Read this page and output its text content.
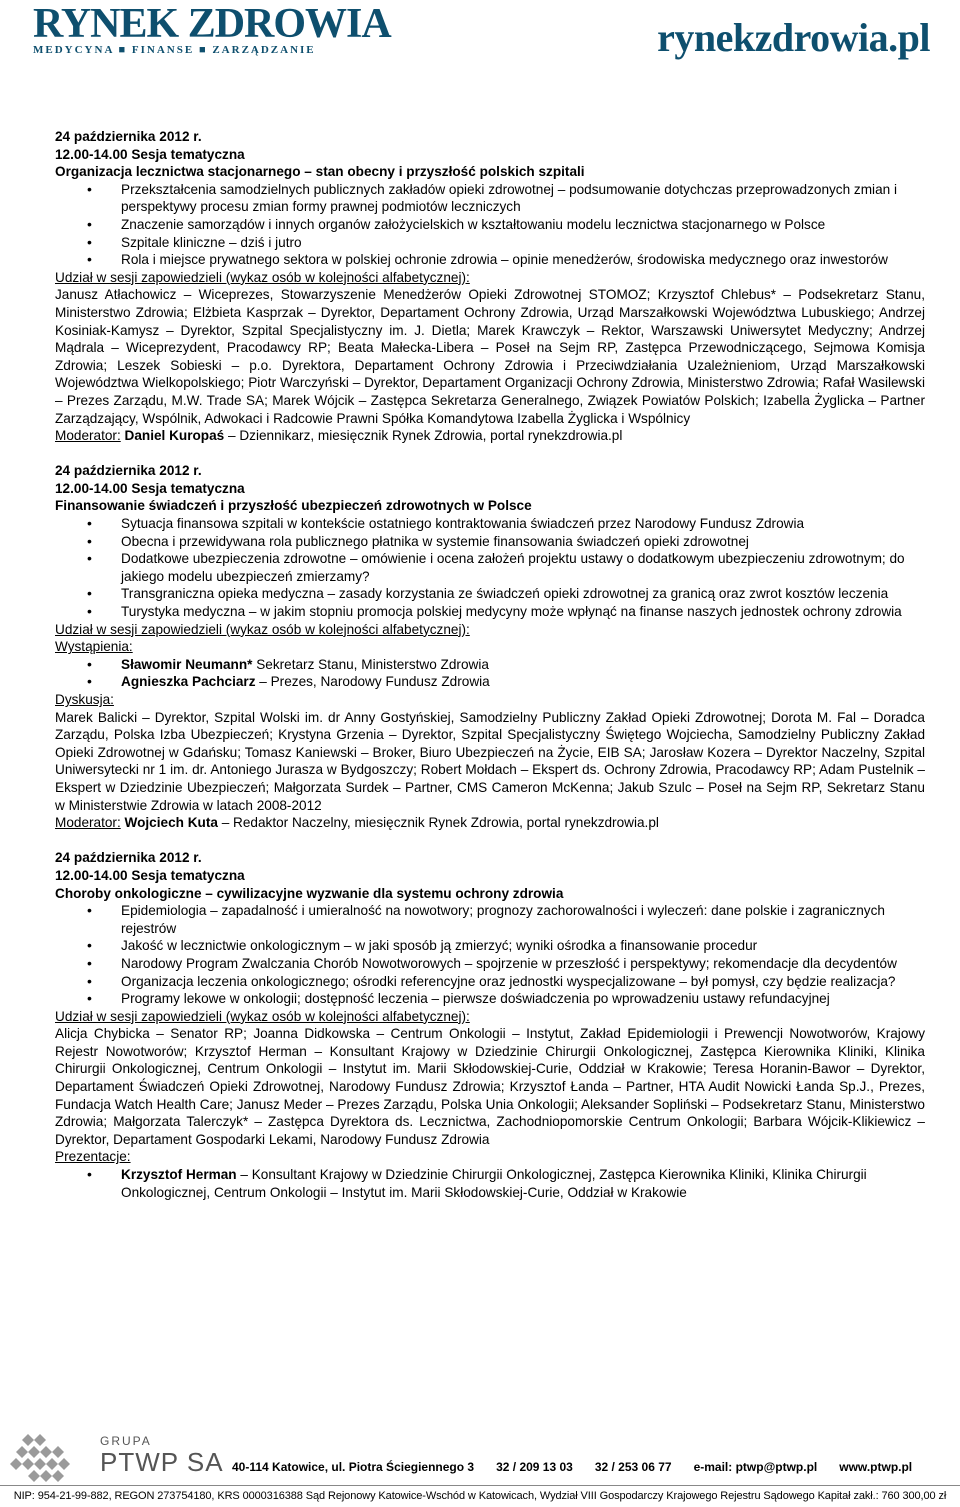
RYNEK ZDROWIA
MEDYCYNA ■ FINANSE ■ ZARZĄDZANIE	rynekzdrowia.pl
24 października 2012 r.
12.00-14.00 Sesja tematyczna
Organizacja lecznictwa stacjonarnego – stan obecny i przyszłość polskich szpitali
• Przekształcenia samodzielnych publicznych zakładów opieki zdrowotnej – podsumowanie dotychczas przeprowadzonych zmian i perspektywy procesu zmian formy prawnej podmiotów leczniczych
• Znaczenie samorządów i innych organów założycielskich w kształtowaniu modelu lecznictwa stacjonarnego w Polsce
• Szpitale kliniczne – dziś i jutro
• Rola i miejsce prywatnego sektora w polskiej ochronie zdrowia – opinie menedżerów, środowiska medycznego oraz inwestorów
Udział w sesji zapowiedzieli (wykaz osób w kolejności alfabetycznej):

Janusz Atłachowicz – Wiceprezes, Stowarzyszenie Menedżerów Opieki Zdrowotnej STOMOZ; Krzysztof Chlebus* – Podsekretarz Stanu, Ministerstwo Zdrowia; Elżbieta Kasprzak – Dyrektor, Departament Ochrony Zdrowia, Urząd Marszałkowski Województwa Lubuskiego; Andrzej Kosiniak-Kamysz – Dyrektor, Szpital Specjalistyczny im. J. Dietla; Marek Krawczyk – Rektor, Warszawski Uniwersytet Medyczny; Andrzej Mądrala – Wiceprezydent, Pracodawcy RP; Beata Małecka-Libera – Poseł na Sejm RP, Zastępca Przewodniczącego, Sejmowa Komisja Zdrowia; Leszek Sobieski – p.o. Dyrektora, Departament Ochrony Zdrowia i Przeciwdziałania Uzależnieniom, Urząd Marszałkowski Województwa Wielkopolskiego; Piotr Warczyński – Dyrektor, Departament Organizacji Ochrony Zdrowia, Ministerstwo Zdrowia; Rafał Wasilewski – Prezes Zarządu, M.W. Trade SA; Marek Wójcik – Zastępca Sekretarza Generalnego, Związek Powiatów Polskich; Izabella Żyglicka – Partner Zarządzający, Wspólnik, Adwokaci i Radcowie Prawni Spółka Komandytowa Izabella Żyglicka i Wspólnicy

Moderator: Daniel Kuropaś – Dziennikarz, miesięcznik Rynek Zdrowia, portal rynekzdrowia.pl
24 października 2012 r.
12.00-14.00 Sesja tematyczna
Finansowanie świadczeń i przyszłość ubezpieczeń zdrowotnych w Polsce
• Sytuacja finansowa szpitali w kontekście ostatniego kontraktowania świadczeń przez Narodowy Fundusz Zdrowia
• Obecna i przewidywana rola publicznego płatnika w systemie finansowania świadczeń opieki zdrowotnej
• Dodatkowe ubezpieczenia zdrowotne – omówienie i ocena założeń projektu ustawy o dodatkowym ubezpieczeniu zdrowotnym; do jakiego modelu ubezpieczeń zmierzamy?
• Transgraniczna opieka medyczna – zasady korzystania ze świadczeń opieki zdrowotnej za granicą oraz zwrot kosztów leczenia
• Turystyka medyczna – w jakim stopniu promocja polskiej medycyny może wpłynąć na finanse naszych jednostek ochrony zdrowia
Udział w sesji zapowiedzieli (wykaz osób w kolejności alfabetycznej):
Wystąpienia:
• Sławomir Neumann* Sekretarz Stanu, Ministerstwo Zdrowia
• Agnieszka Pachciarz – Prezes, Narodowy Fundusz Zdrowia
Dyskusja:

Marek Balicki – Dyrektor, Szpital Wolski im. dr Anny Gostyńskiej, Samodzielny Publiczny Zakład Opieki Zdrowotnej; Dorota M. Fal – Doradca Zarządu, Polska Izba Ubezpieczeń; Krystyna Grzenia – Dyrektor, Szpital Specjalistyczny Świętego Wojciecha, Samodzielny Publiczny Zakład Opieki Zdrowotnej w Gdańsku; Tomasz Kaniewski – Broker, Biuro Ubezpieczeń na Życie, EIB SA; Jarosław Kozera – Dyrektor Naczelny, Szpital Uniwersytecki nr 1 im. dr. Antoniego Jurasza w Bydgoszczy; Robert Mołdach – Ekspert ds. Ochrony Zdrowia, Pracodawcy RP; Adam Pustelnik – Ekspert w Dziedzinie Ubezpieczeń; Małgorzata Surdek – Partner, CMS Cameron McKenna; Jakub Szulc – Poseł na Sejm RP, Sekretarz Stanu w Ministerstwie Zdrowia w latach 2008-2012

Moderator: Wojciech Kuta – Redaktor Naczelny, miesięcznik Rynek Zdrowia, portal rynekzdrowia.pl
24 października 2012 r.
12.00-14.00 Sesja tematyczna
Choroby onkologiczne – cywilizacyjne wyzwanie dla systemu ochrony zdrowia
• Epidemiologia – zapadalność i umieralność na nowotwory; prognozy zachorowalności i wyleczeń: dane polskie i zagranicznych rejestrów
• Jakość w lecznictwie onkologicznym – w jaki sposób ją zmierzyć; wyniki ośrodka a finansowanie procedur
• Narodowy Program Zwalczania Chorób Nowotworowych – spojrzenie w przeszłość i perspektywy; rekomendacje dla decydentów
• Organizacja leczenia onkologicznego; ośrodki referencyjne oraz jednostki wyspecjalizowane – był pomysł, czy będzie realizacja?
• Programy lekowe w onkologii; dostępność leczenia – pierwsze doświadczenia po wprowadzeniu ustawy refundacyjnej
Udział w sesji zapowiedzieli (wykaz osób w kolejności alfabetycznej):

Alicja Chybicka – Senator RP; Joanna Didkowska – Centrum Onkologii – Instytut, Zakład Epidemiologii i Prewencji Nowotworów, Krajowy Rejestr Nowotworów; Krzysztof Herman – Konsultant Krajowy w Dziedzinie Chirurgii Onkologicznej, Zastępca Kierownika Kliniki, Klinika Chirurgii Onkologicznej, Centrum Onkologii – Instytut im. Marii Skłodowskiej-Curie, Oddział w Krakowie; Teresa Horanin-Bawor – Dyrektor, Departament Świadczeń Opieki Zdrowotnej, Narodowy Fundusz Zdrowia; Krzysztof Łanda – Partner, HTA Audit Nowicki Łanda Sp.J., Prezes, Fundacja Watch Health Care; Janusz Meder – Prezes Zarządu, Polska Unia Onkologii; Aleksander Sopliński – Podsekretarz Stanu, Ministerstwo Zdrowia; Małgorzata Talerczyk* – Zastępca Dyrektora ds. Lecznictwa, Zachodniopomorskie Centrum Onkologii; Barbara Wójcik-Klikiewicz – Dyrektor, Departament Gospodarki Lekami, Narodowy Fundusz Zdrowia

Prezentacje:
• Krzysztof Herman – Konsultant Krajowy w Dziedzinie Chirurgii Onkologicznej, Zastępca Kierownika Kliniki, Klinika Chirurgii Onkologicznej, Centrum Onkologii – Instytut im. Marii Skłodowskiej-Curie, Oddział w Krakowie
GRUPA
PTWP SA 40-114 Katowice, ul. Piotra Ściegiennego 3 32 / 209 13 03 32 / 253 06 77 e-mail: ptwp@ptwp.pl www.ptwp.pl
NIP: 954-21-99-882, REGON 273754180, KRS 0000316388 Sąd Rejonowy Katowice-Wschód w Katowicach, Wydział VIII Gospodarczy Krajowego Rejestru Sądowego Kapitał zakł.: 760 300,00 zł
